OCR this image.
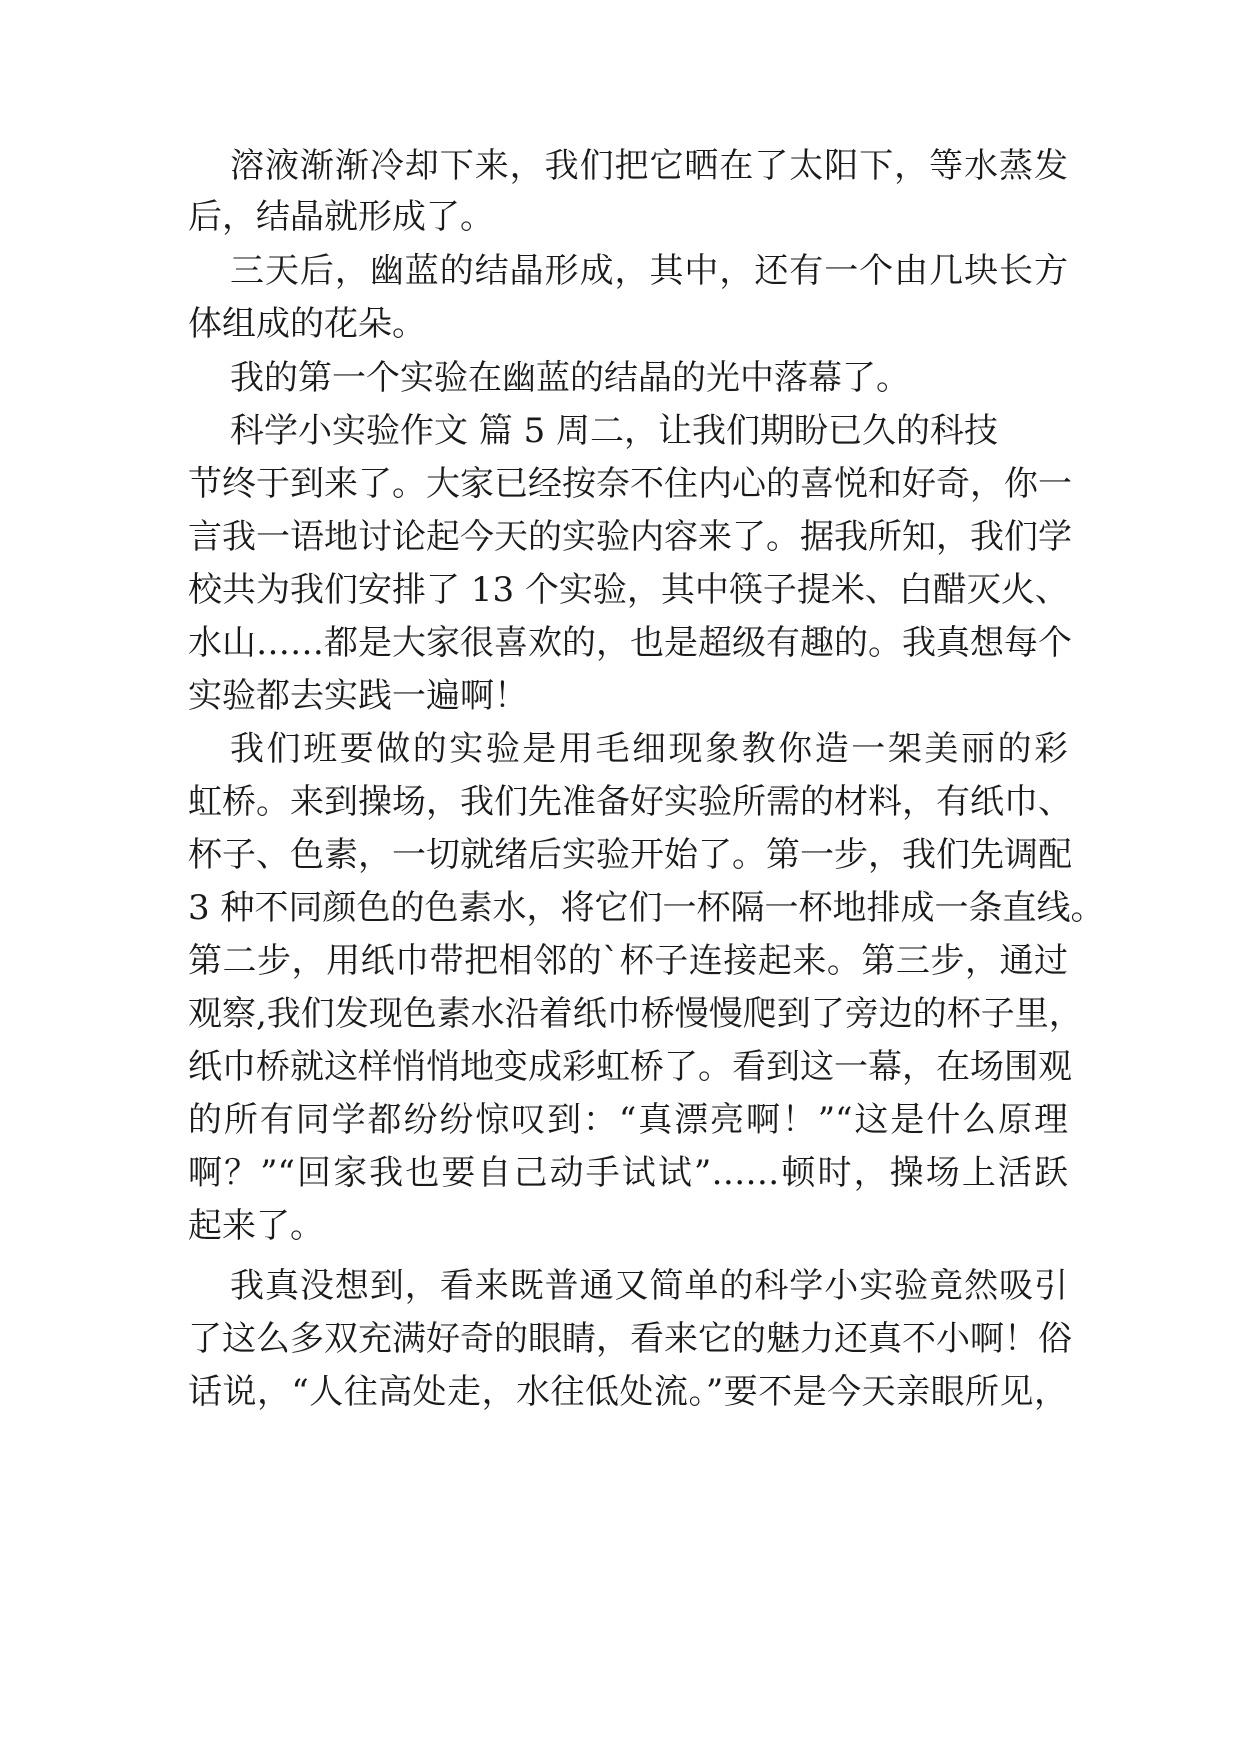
溶液渐渐冷却下来，我们把它晒在了太阳下，等水蒸发
后，结晶就形成了。
三天后，幽蓝的结晶形成，其中，还有一个由几块长方
体组成的花朵。
我的第一个实验在幽蓝的结晶的光中落幕了。
科学小实验作文 篇 5 周二，让我们期盼已久的科技
节终于到来了。大家已经按奈不住内心的喜悦和好奇，你一
言我一语地讨论起今天的实验内容来了。据我所知，我们学
校共为我们安排了 13 个实验，其中筷子提米、白醋灭火、
水山……都是大家很喜欢的，也是超级有趣的。我真想每个
实验都去实践一遍啊！
我们班要做的实验是用毛细现象教你造一架美丽的彩
虹桥。来到操场，我们先准备好实验所需的材料，有纸巾、
杯子、色素，一切就绪后实验开始了。第一步，我们先调配
3 种不同颜色的色素水，将它们一杯隔一杯地排成一条直线。
第二步，用纸巾带把相邻的`杯子连接起来。第三步，通过
观察,我们发现色素水沿着纸巾桥慢慢爬到了旁边的杯子里，
纸巾桥就这样悄悄地变成彩虹桥了。看到这一幕，在场围观
的所有同学都纷纷惊叹到：“真漂亮啊！”“这是什么原理
啊？”“回家我也要自己动手试试”……顿时，操场上活跃
起来了。
我真没想到，看来既普通又简单的科学小实验竟然吸引
了这么多双充满好奇的眼睛，看来它的魅力还真不小啊！俗
话说，“人往高处走，水往低处流。”要不是今天亲眼所见，
